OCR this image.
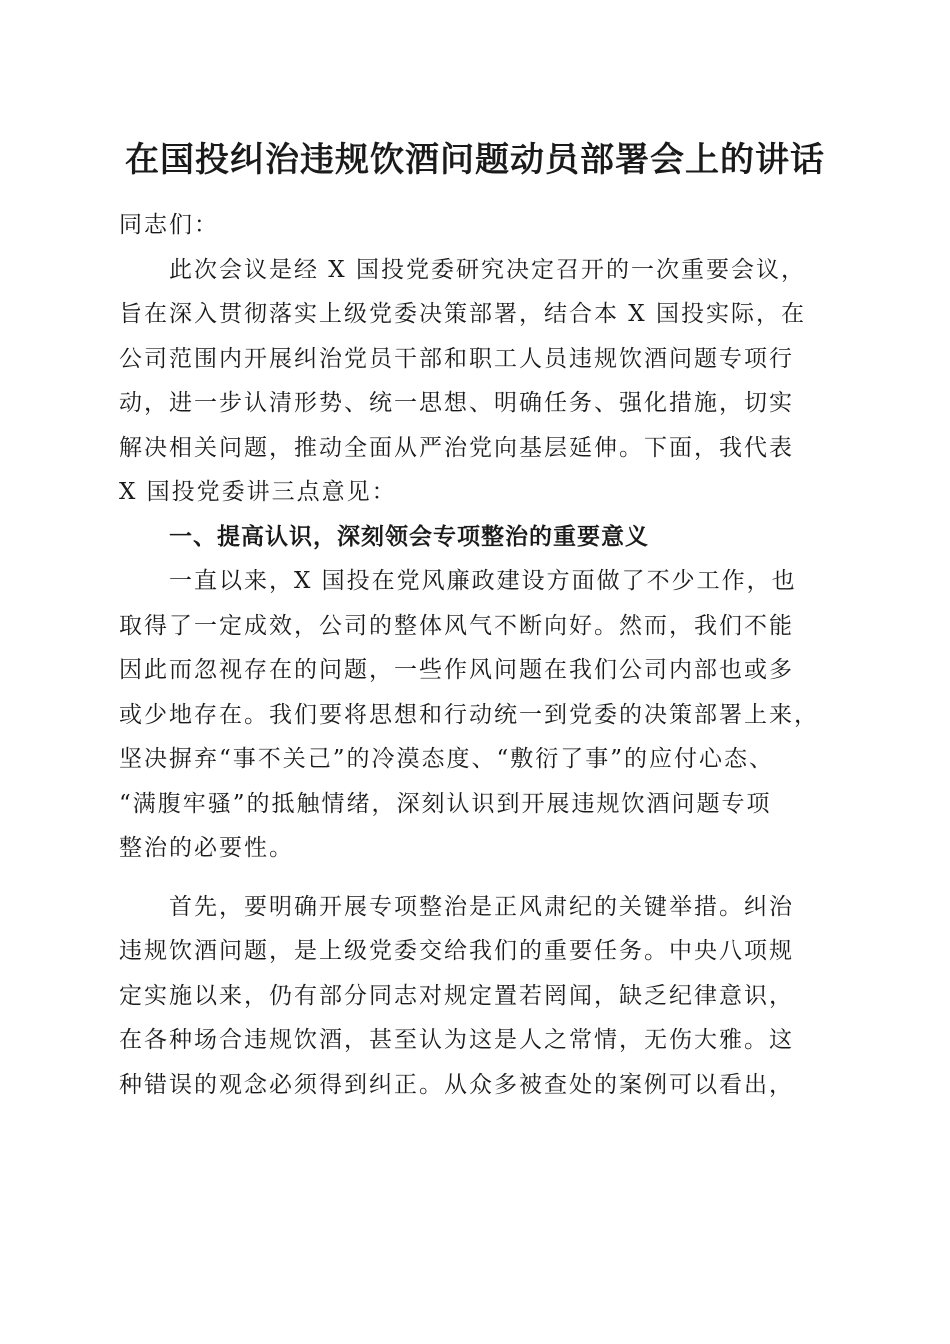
在国投纠治违规饮酒问题动员部署会上的讲话
同志们：
此次会议是经 X 国投党委研究决定召开的一次重要会议，
旨在深入贯彻落实上级党委决策部署，结合本 X 国投实际，在
公司范围内开展纠治党员干部和职工人员违规饮酒问题专项行
动，进一步认清形势、统一思想、明确任务、强化措施，切实
解决相关问题，推动全面从严治党向基层延伸。下面，我代表
X 国投党委讲三点意见：
一、提高认识，深刻领会专项整治的重要意义
一直以来，X 国投在党风廉政建设方面做了不少工作，也
取得了一定成效，公司的整体风气不断向好。然而，我们不能
因此而忽视存在的问题，一些作风问题在我们公司内部也或多
或少地存在。我们要将思想和行动统一到党委的决策部署上来，
坚决摒弃“事不关己”的冷漠态度、“敷衍了事”的应付心态、
“满腹牢骚”的抵触情绪，深刻认识到开展违规饮酒问题专项
整治的必要性。
首先，要明确开展专项整治是正风肃纪的关键举措。纠治
违规饮酒问题，是上级党委交给我们的重要任务。中央八项规
定实施以来，仍有部分同志对规定置若罔闻，缺乏纪律意识，
在各种场合违规饮酒，甚至认为这是人之常情，无伤大雅。这
种错误的观念必须得到纠正。从众多被查处的案例可以看出，
